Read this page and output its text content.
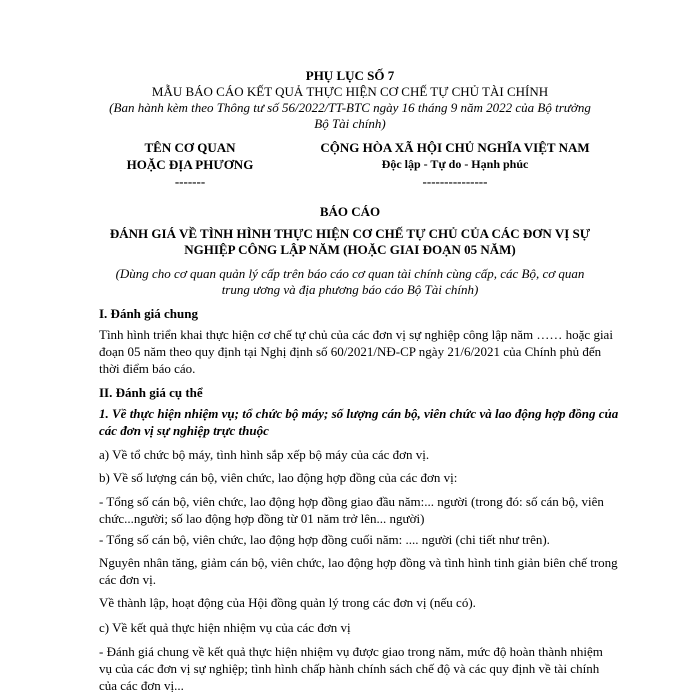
PHỤ LỤC SỐ 7
MẪU BÁO CÁO KẾT QUẢ THỰC HIỆN CƠ CHẾ TỰ CHỦ TÀI CHÍNH
(Ban hành kèm theo Thông tư số 56/2022/TT-BTC ngày 16 tháng 9 năm 2022 của Bộ trưởng
Bộ Tài chính)
TÊN CƠ QUAN
HOẶC ĐỊA PHƯƠNG
-------
CỘNG HÒA XÃ HỘI CHỦ NGHĨA VIỆT NAM
Độc lập - Tự do - Hạnh phúc
---------------
BÁO CÁO
ĐÁNH GIÁ VỀ TÌNH HÌNH THỰC HIỆN CƠ CHẾ TỰ CHỦ CỦA CÁC ĐƠN VỊ SỰ
NGHIỆP CÔNG LẬP NĂM (HOẶC GIAI ĐOẠN 05 NĂM)
(Dùng cho cơ quan quản lý cấp trên báo cáo cơ quan tài chính cùng cấp, các Bộ, cơ quan
trung ương và địa phương báo cáo Bộ Tài chính)
I. Đánh giá chung
Tình hình triển khai thực hiện cơ chế tự chủ của các đơn vị sự nghiệp công lập năm …… hoặc giai đoạn 05 năm theo quy định tại Nghị định số 60/2021/NĐ-CP ngày 21/6/2021 của Chính phủ đến thời điểm báo cáo.
II. Đánh giá cụ thể
1. Về thực hiện nhiệm vụ; tổ chức bộ máy; số lượng cán bộ, viên chức và lao động hợp đồng của các đơn vị sự nghiệp trực thuộc
a) Về tổ chức bộ máy, tình hình sắp xếp bộ máy của các đơn vị.
b) Về số lượng cán bộ, viên chức, lao động hợp đồng của các đơn vị:
- Tổng số cán bộ, viên chức, lao động hợp đồng giao đầu năm:... người (trong đó: số cán bộ, viên chức...người; số lao động hợp đồng từ 01 năm trở lên... người)
- Tổng số cán bộ, viên chức, lao động hợp đồng cuối năm: .... người (chi tiết như trên).
Nguyên nhân tăng, giảm cán bộ, viên chức, lao động hợp đồng và tình hình tinh giản biên chế trong các đơn vị.
Về thành lập, hoạt động của Hội đồng quản lý trong các đơn vị (nếu có).
c) Về kết quả thực hiện nhiệm vụ của các đơn vị
- Đánh giá chung về kết quả thực hiện nhiệm vụ được giao trong năm, mức độ hoàn thành nhiệm vụ của các đơn vị sự nghiệp; tình hình chấp hành chính sách chế độ và các quy định về tài chính của các đơn vị...
